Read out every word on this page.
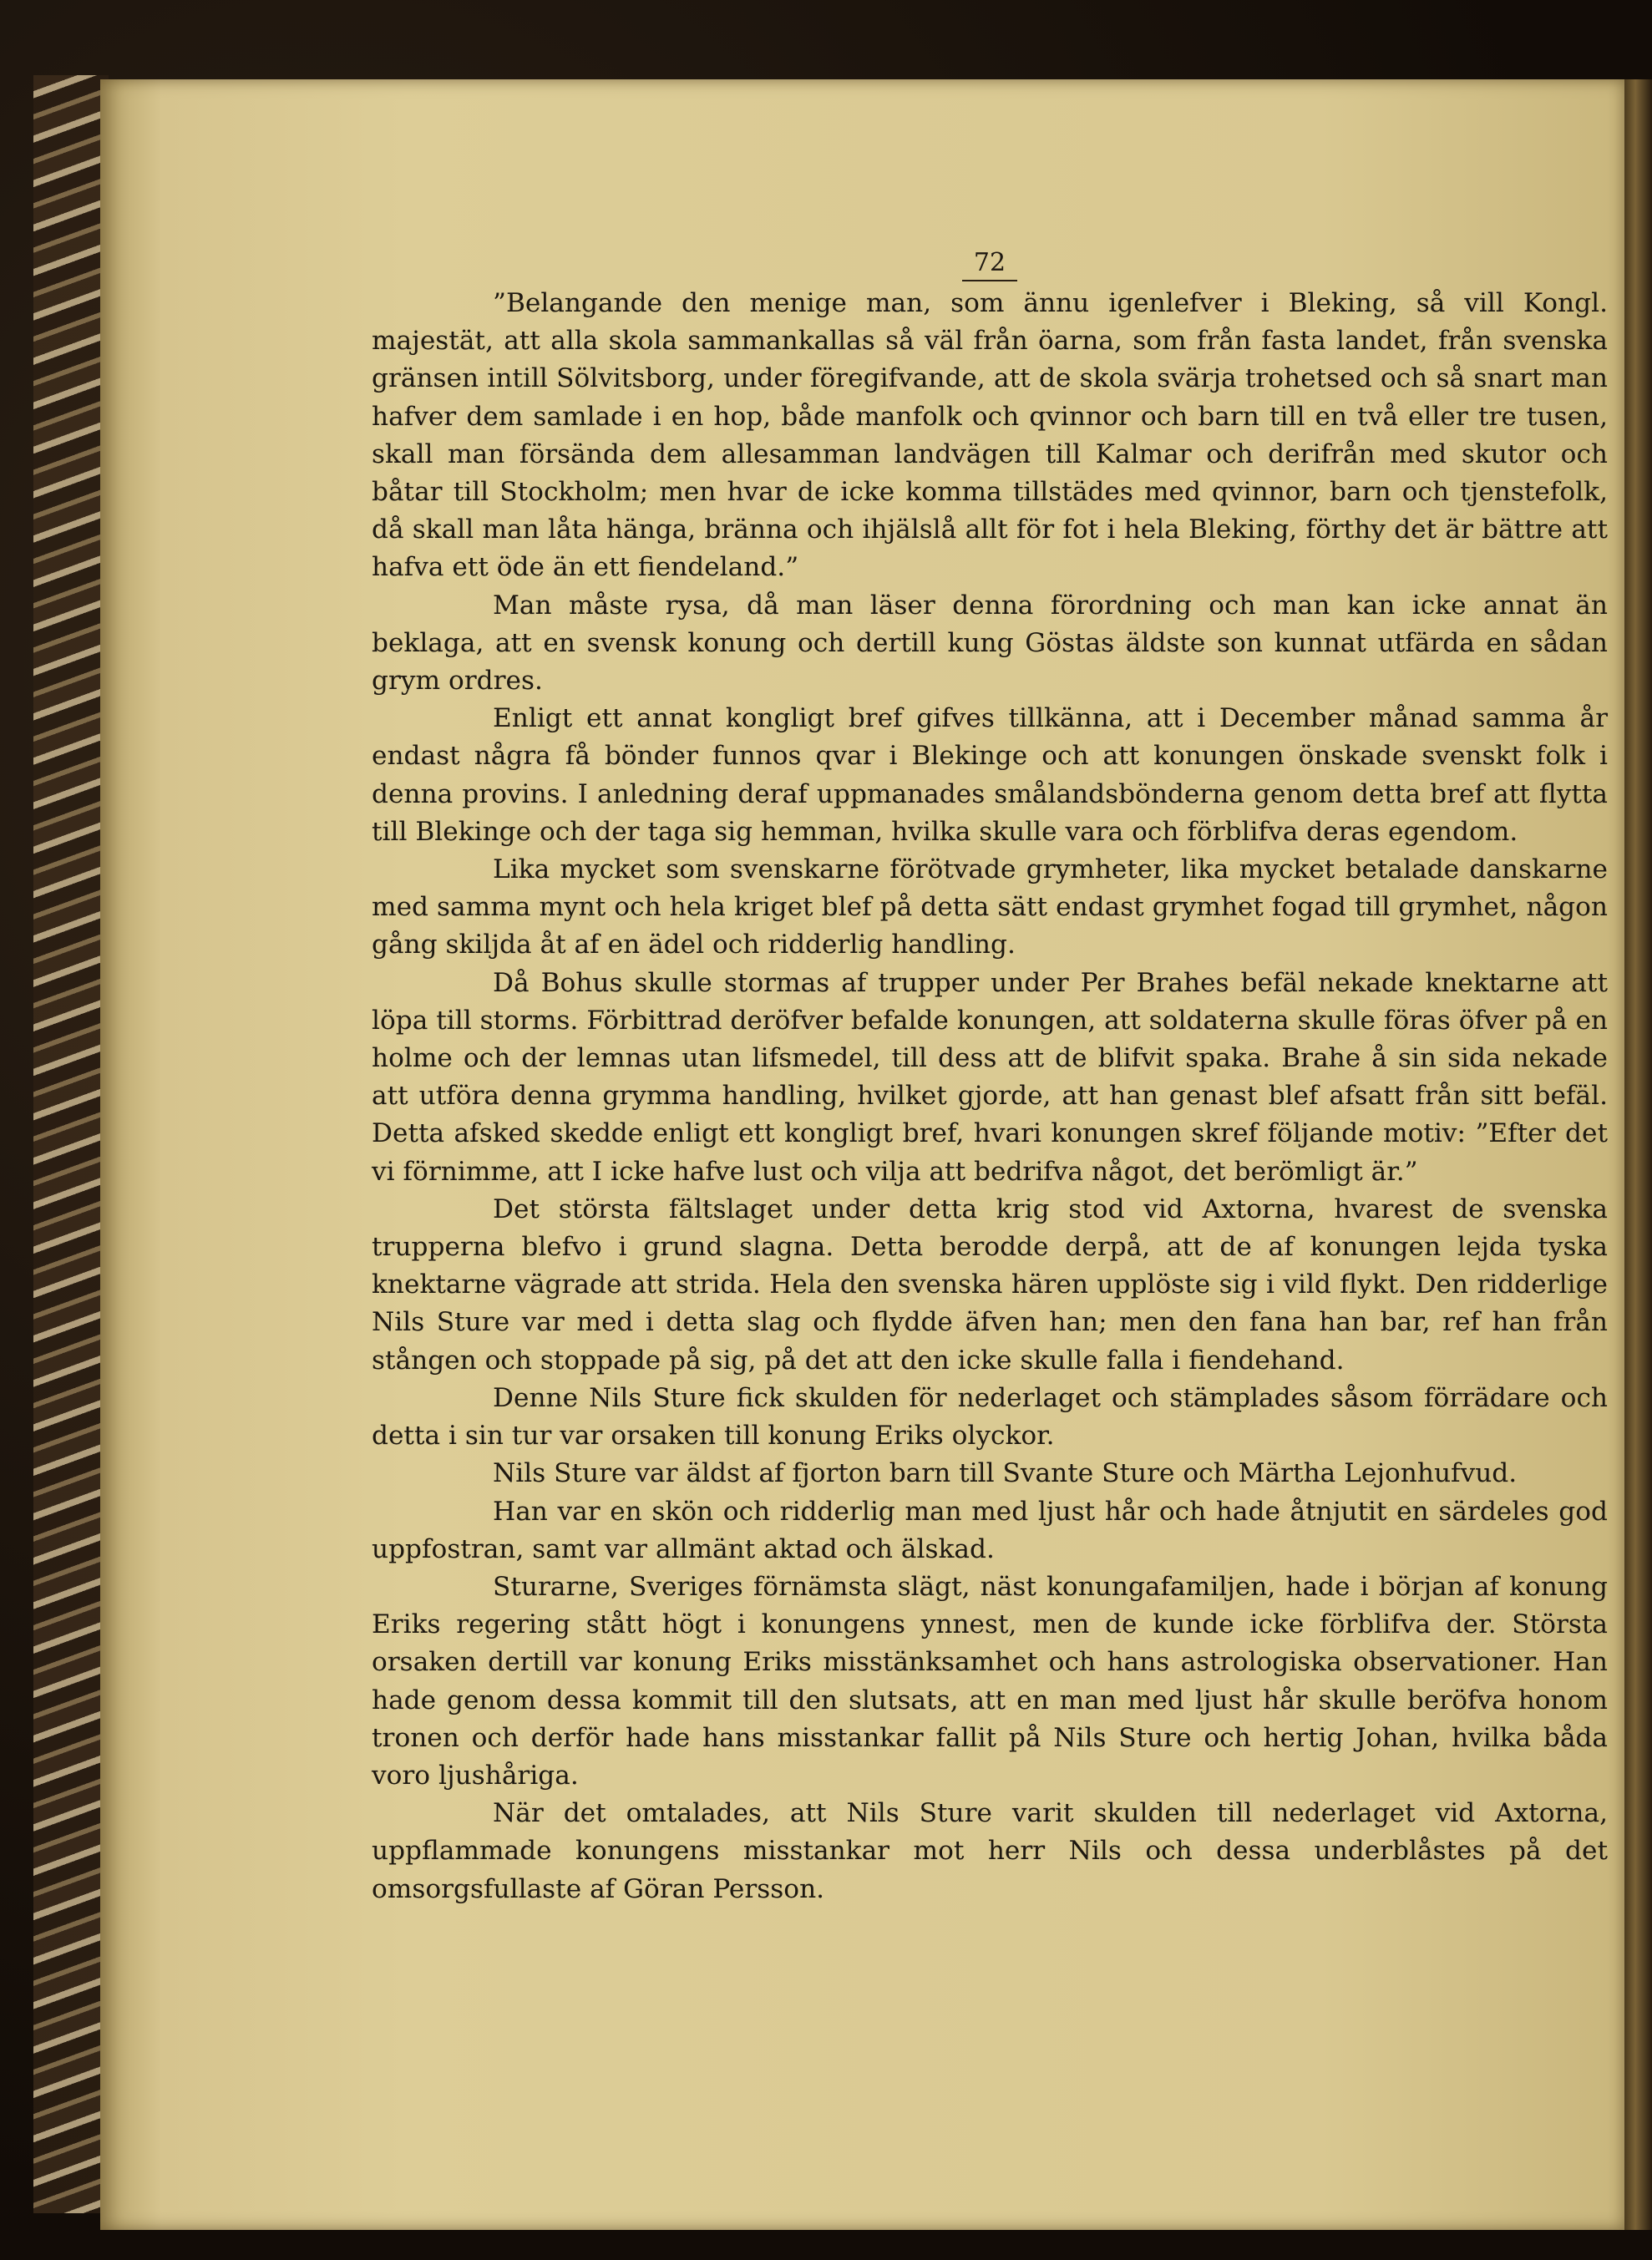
72

”Belangande den menige man, som ännu igenlefver i Bleking, så vill Kongl. majestät, att alla skola sammankallas så väl från öarna, som från fasta landet, från svenska gränsen intill Sölvitsborg, under föregifvande, att de skola svärja trohetsed och så snart man hafver dem samlade i en hop, både manfolk och qvinnor och barn till en två eller tre tusen, skall man försända dem allesamman landvägen till Kalmar och derifrån med skutor och båtar till Stockholm; men hvar de icke komma tillstädes med qvinnor, barn och tjenstefolk, då skall man låta hänga, bränna och ihjälslå allt för fot i hela Bleking, förthy det är bättre att hafva ett öde än ett fiendeland.”

Man måste rysa, då man läser denna förordning och man kan icke annat än beklaga, att en svensk konung och dertill kung Göstas äldste son kunnat utfärda en sådan grym ordres.

Enligt ett annat kongligt bref gifves tillkänna, att i December månad samma år endast några få bönder funnos qvar i Blekinge och att konungen önskade svenskt folk i denna provins. I anledning deraf uppmanades smålandsbönderna genom detta bref att flytta till Blekinge och der taga sig hemman, hvilka skulle vara och förblifva deras egendom.

Lika mycket som svenskarne förötvade grymheter, lika mycket betalade danskarne med samma mynt och hela kriget blef på detta sätt endast grymhet fogad till grymhet, någon gång skiljda åt af en ädel och ridderlig handling.

Då Bohus skulle stormas af trupper under Per Brahes befäl nekade knektarne att löpa till storms. Förbittrad deröfver befalde konungen, att soldaterna skulle föras öfver på en holme och der lemnas utan lifsmedel, till dess att de blifvit spaka. Brahe å sin sida nekade att utföra denna grymma handling, hvilket gjorde, att han genast blef afsatt från sitt befäl. Detta afsked skedde enligt ett kongligt bref, hvari konungen skref följande motiv: ”Efter det vi förnimme, att I icke hafve lust och vilja att bedrifva något, det berömligt är.”

Det största fältslaget under detta krig stod vid Axtorna, hvarest de svenska trupperna blefvo i grund slagna. Detta berodde derpå, att de af konungen lejda tyska knektarne vägrade att strida. Hela den svenska hären upplöste sig i vild flykt. Den ridderlige Nils Sture var med i detta slag och flydde äfven han; men den fana han bar, ref han från stången och stoppade på sig, på det att den icke skulle falla i fiendehand.

Denne Nils Sture fick skulden för nederlaget och stämplades såsom förrädare och detta i sin tur var orsaken till konung Eriks olyckor.

Nils Sture var äldst af fjorton barn till Svante Sture och Märtha Lejonhufvud.

Han var en skön och ridderlig man med ljust hår och hade åtnjutit en särdeles god uppfostran, samt var allmänt aktad och älskad.

Sturarne, Sveriges förnämsta slägt, näst konungafamiljen, hade i början af konung Eriks regering stått högt i konungens ynnest, men de kunde icke förblifva der. Största orsaken dertill var konung Eriks misstänksamhet och hans astrologiska observationer. Han hade genom dessa kommit till den slutsats, att en man med ljust hår skulle beröfva honom tronen och derför hade hans misstankar fallit på Nils Sture och hertig Johan, hvilka båda voro ljushåriga.

När det omtalades, att Nils Sture varit skulden till nederlaget vid Axtorna, uppflammade konungens misstankar mot herr Nils och dessa underblåstes på det omsorgsfullaste af Göran Persson.
